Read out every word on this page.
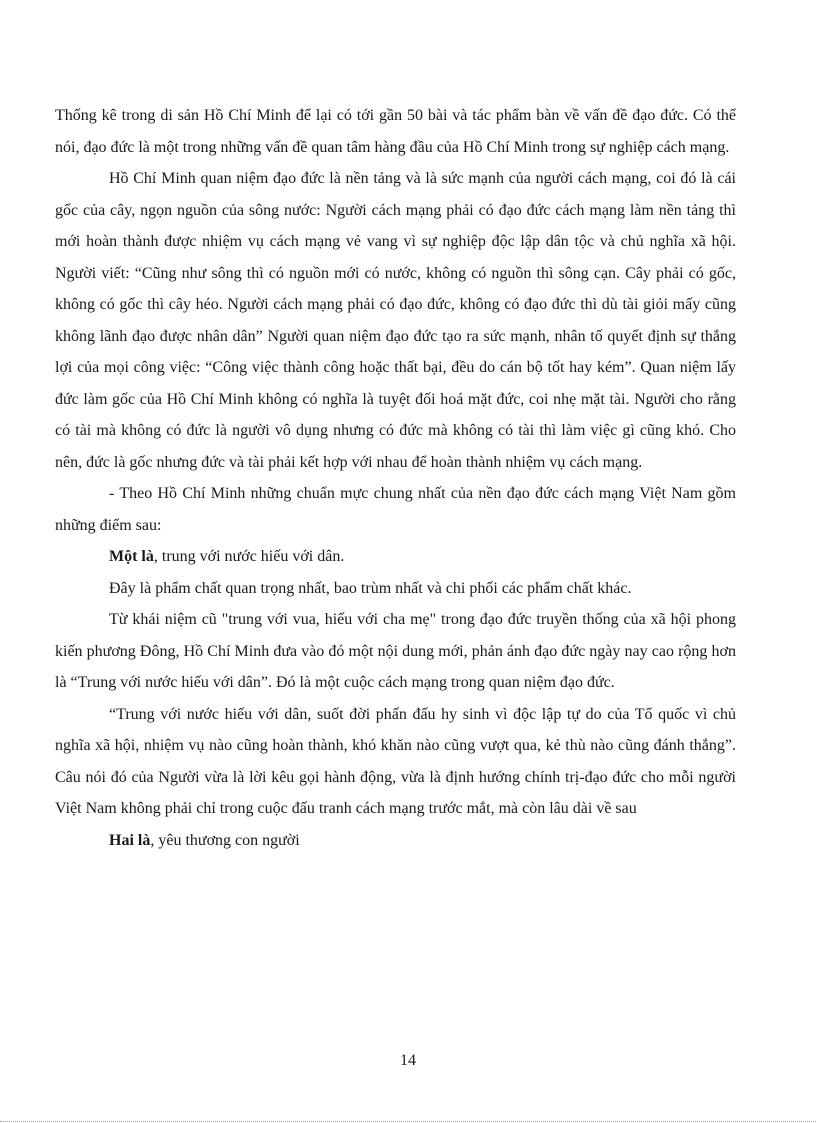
Thống kê trong di sản Hồ Chí Minh để lại có tới gần 50 bài và tác phẩm bàn về vấn đề đạo đức. Có thể nói, đạo đức là một trong những vấn đề quan tâm hàng đầu của Hồ Chí Minh trong sự nghiệp cách mạng.

Hồ Chí Minh quan niệm đạo đức là nền tảng và là sức mạnh của người cách mạng, coi đó là cái gốc của cây, ngọn nguồn của sông nước: Người cách mạng phải có đạo đức cách mạng làm nền tảng thì mới hoàn thành được nhiệm vụ cách mạng vẻ vang vì sự nghiệp độc lập dân tộc và chủ nghĩa xã hội. Người viết: “Cũng như sông thì có nguồn mới có nước, không có nguồn thì sông cạn. Cây phải có gốc, không có gốc thì cây héo. Người cách mạng phải có đạo đức, không có đạo đức thì dù tài giỏi mấy cũng không lãnh đạo được nhân dân” Người quan niệm đạo đức tạo ra sức mạnh, nhân tố quyết định sự thắng lợi của mọi công việc: “Công việc thành công hoặc thất bại, đều do cán bộ tốt hay kém”. Quan niệm lấy đức làm gốc của Hồ Chí Minh không có nghĩa là tuyệt đối hoá mặt đức, coi nhẹ mặt tài. Người cho rằng có tài mà không có đức là người vô dụng nhưng có đức mà không có tài thì làm việc gì cũng khó. Cho nên, đức là gốc nhưng đức và tài phải kết hợp với nhau để hoàn thành nhiệm vụ cách mạng.

- Theo Hồ Chí Minh những chuẩn mực chung nhất của nền đạo đức cách mạng Việt Nam gồm những điểm sau:

Một là, trung với nước hiếu với dân.

Đây là phẩm chất quan trọng nhất, bao trùm nhất và chi phối các phẩm chất khác.

Từ khái niệm cũ "trung với vua, hiếu với cha mẹ" trong đạo đức truyền thống của xã hội phong kiến phương Đông, Hồ Chí Minh đưa vào đó một nội dung mới, phản ánh đạo đức ngày nay cao rộng hơn là “Trung với nước hiếu với dân”. Đó là một cuộc cách mạng trong quan niệm đạo đức.

“Trung với nước hiếu với dân, suốt đời phấn đấu hy sinh vì độc lập tự do của Tổ quốc vì chủ nghĩa xã hội, nhiệm vụ nào cũng hoàn thành, khó khăn nào cũng vượt qua, kẻ thù nào cũng đánh thắng”. Câu nói đó của Người vừa là lời kêu gọi hành động, vừa là định hướng chính trị-đạo đức cho mỗi người Việt Nam không phải chỉ trong cuộc đấu tranh cách mạng trước mắt, mà còn lâu dài về sau

Hai là, yêu thương con người

14
